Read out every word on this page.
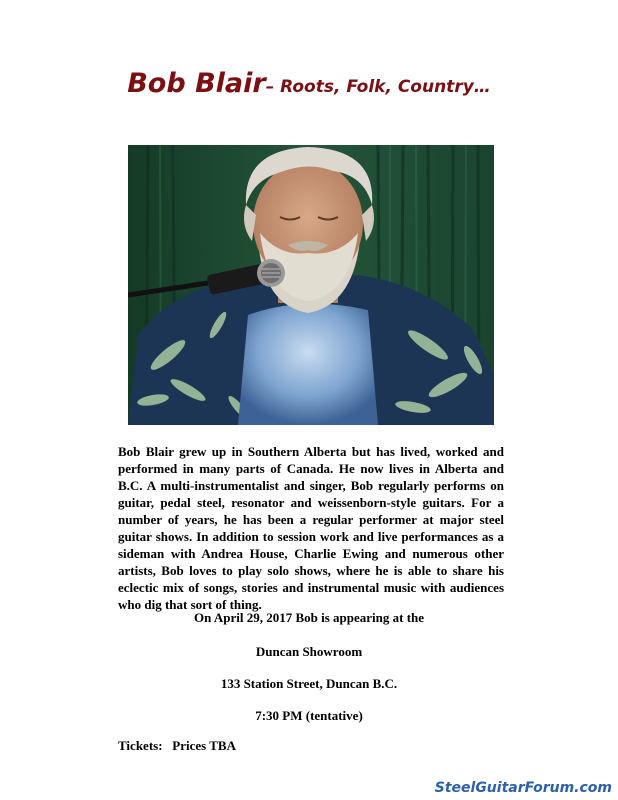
Bob Blair– Roots, Folk, Country…

Bob Blair grew up in Southern Alberta but has lived, worked and performed in many parts of Canada. He now lives in Alberta and B.C. A multi-instrumentalist and singer, Bob regularly performs on guitar, pedal steel, resonator and weissenborn-style guitars. For a number of years, he has been a regular performer at major steel guitar shows. In addition to session work and live performances as a sideman with Andrea House, Charlie Ewing and numerous other artists, Bob loves to play solo shows, where he is able to share his eclectic mix of songs, stories and instrumental music with audiences who dig that sort of thing.

On April 29, 2017 Bob is appearing at the

Duncan Showroom

133 Station Street, Duncan B.C.

7:30 PM (tentative)

Tickets:   Prices TBA

SteelGuitarForum.com
